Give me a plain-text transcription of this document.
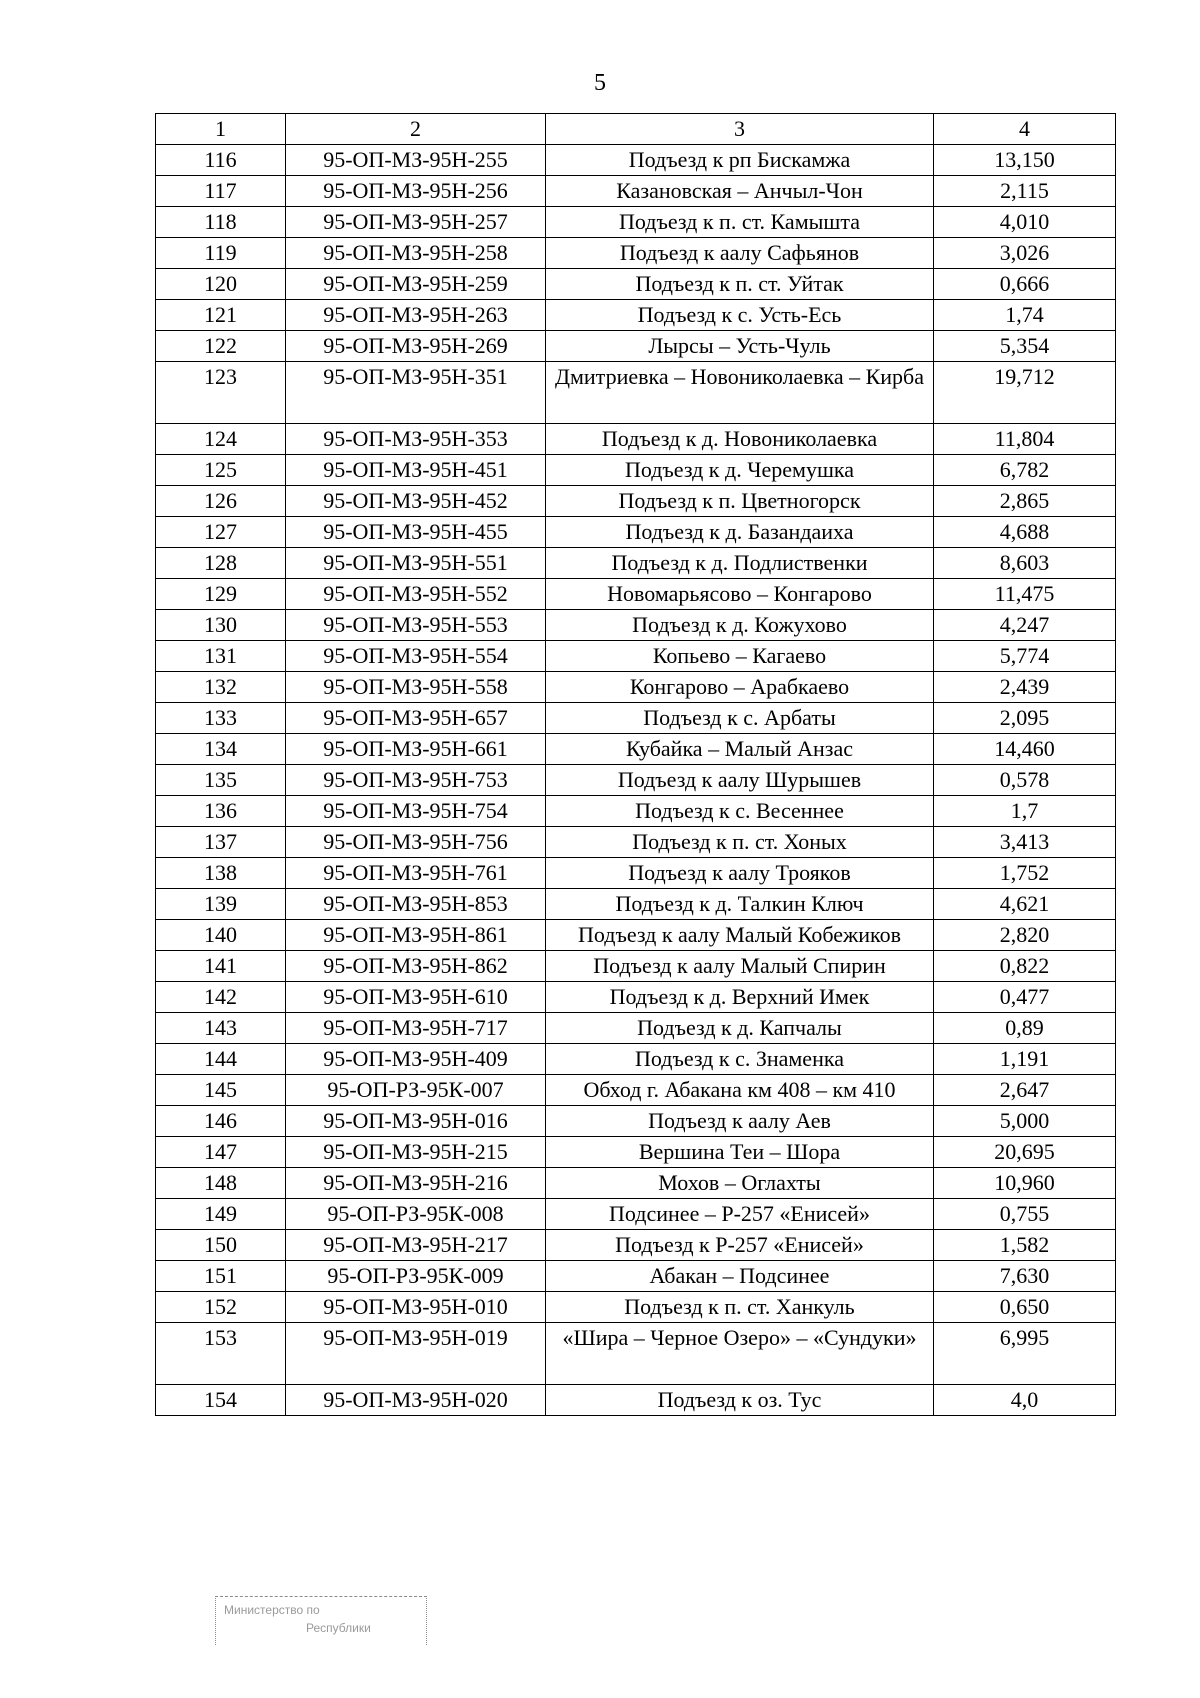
5
1	2	3	4
116	95-ОП-МЗ-95Н-255	Подъезд к рп Бискамжа	13,150
117	95-ОП-МЗ-95Н-256	Казановская – Анчыл-Чон	2,115
118	95-ОП-МЗ-95Н-257	Подъезд к п. ст. Камышта	4,010
119	95-ОП-МЗ-95Н-258	Подъезд к аалу Сафьянов	3,026
120	95-ОП-МЗ-95Н-259	Подъезд к п. ст. Уйтак	0,666
121	95-ОП-МЗ-95Н-263	Подъезд к с. Усть-Есь	1,74
122	95-ОП-МЗ-95Н-269	Лырсы – Усть-Чуль	5,354
123	95-ОП-МЗ-95Н-351	Дмитриевка – Новониколаевка – Кирба	19,712
124	95-ОП-МЗ-95Н-353	Подъезд к д. Новониколаевка	11,804
125	95-ОП-МЗ-95Н-451	Подъезд к д. Черемушка	6,782
126	95-ОП-МЗ-95Н-452	Подъезд к п. Цветногорск	2,865
127	95-ОП-МЗ-95Н-455	Подъезд к д. Базандаиха	4,688
128	95-ОП-МЗ-95Н-551	Подъезд к д. Подлиственки	8,603
129	95-ОП-МЗ-95Н-552	Новомарьясово – Конгарово	11,475
130	95-ОП-МЗ-95Н-553	Подъезд к д. Кожухово	4,247
131	95-ОП-МЗ-95Н-554	Копьево – Кагаево	5,774
132	95-ОП-МЗ-95Н-558	Конгарово – Арабкаево	2,439
133	95-ОП-МЗ-95Н-657	Подъезд к с. Арбаты	2,095
134	95-ОП-МЗ-95Н-661	Кубайка – Малый Анзас	14,460
135	95-ОП-МЗ-95Н-753	Подъезд к аалу Шурышев	0,578
136	95-ОП-МЗ-95Н-754	Подъезд к с. Весеннее	1,7
137	95-ОП-МЗ-95Н-756	Подъезд к п. ст. Хоных	3,413
138	95-ОП-МЗ-95Н-761	Подъезд к аалу Трояков	1,752
139	95-ОП-МЗ-95Н-853	Подъезд к д. Талкин Ключ	4,621
140	95-ОП-МЗ-95Н-861	Подъезд к аалу Малый Кобежиков	2,820
141	95-ОП-МЗ-95Н-862	Подъезд к аалу Малый Спирин	0,822
142	95-ОП-МЗ-95Н-610	Подъезд к д. Верхний Имек	0,477
143	95-ОП-МЗ-95Н-717	Подъезд к д. Капчалы	0,89
144	95-ОП-МЗ-95Н-409	Подъезд к с. Знаменка	1,191
145	95-ОП-РЗ-95К-007	Обход г. Абакана км 408 – км 410	2,647
146	95-ОП-МЗ-95Н-016	Подъезд к аалу Аев	5,000
147	95-ОП-МЗ-95Н-215	Вершина Теи – Шора	20,695
148	95-ОП-МЗ-95Н-216	Мохов – Оглахты	10,960
149	95-ОП-РЗ-95К-008	Подсинее – Р-257 «Енисей»	0,755
150	95-ОП-МЗ-95Н-217	Подъезд к Р-257 «Енисей»	1,582
151	95-ОП-РЗ-95К-009	Абакан – Подсинее	7,630
152	95-ОП-МЗ-95Н-010	Подъезд к п. ст. Ханкуль	0,650
153	95-ОП-МЗ-95Н-019	«Шира – Черное Озеро» – «Сундуки»	6,995
154	95-ОП-МЗ-95Н-020	Подъезд к оз. Тус	4,0
Министерство по
Республики
